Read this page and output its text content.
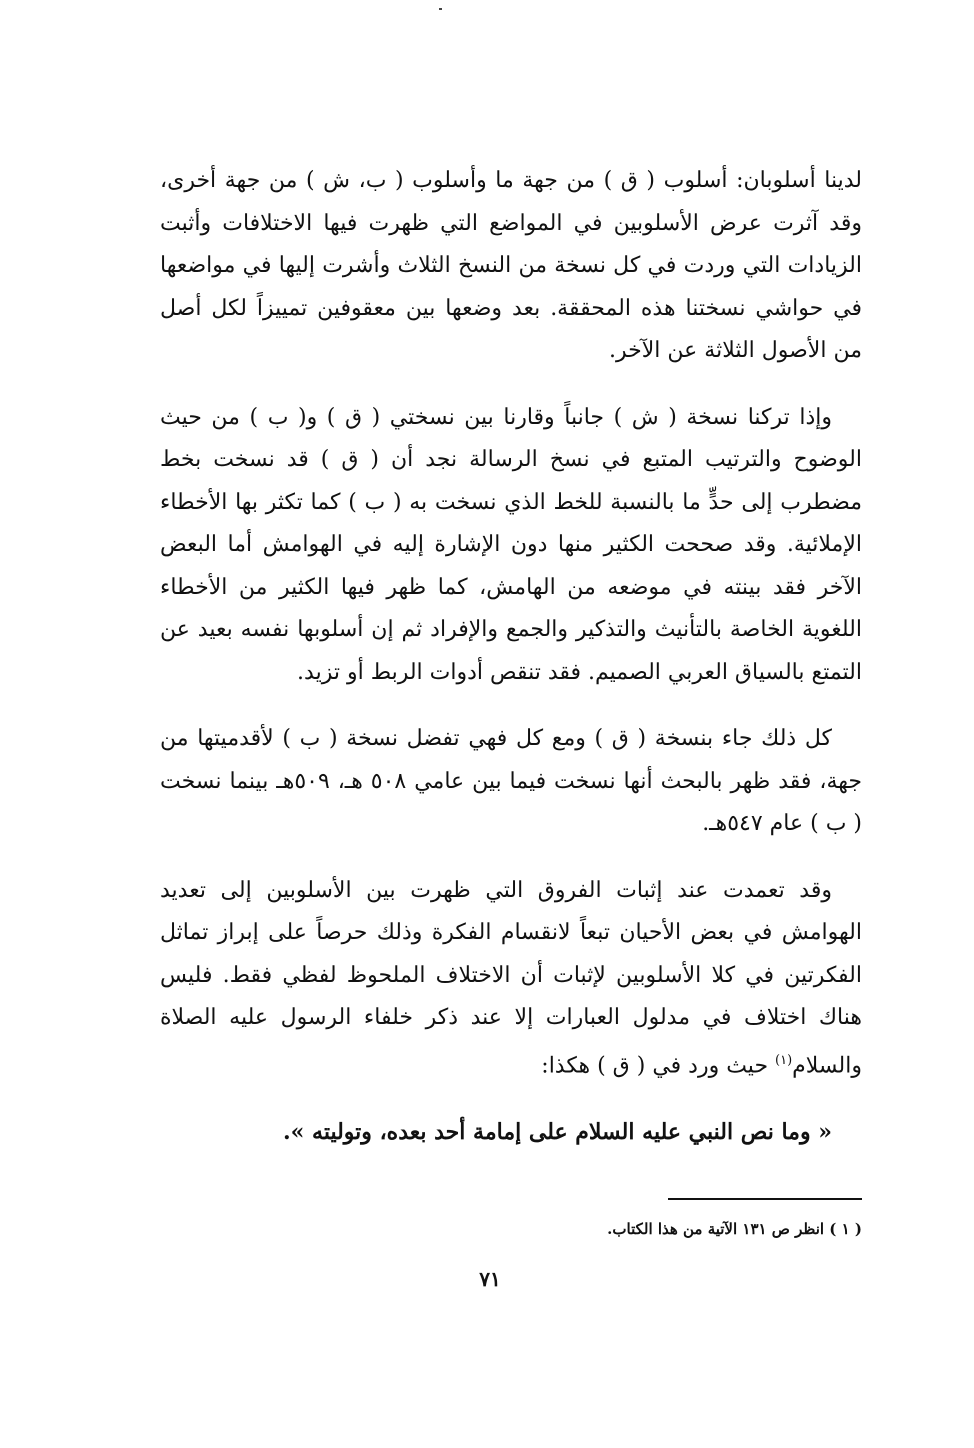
لدينا أسلوبان: أسلوب ( ق ) من جهة ما وأسلوب ( ب، ش ) من جهة أخرى، وقد آثرت عرض الأسلوبين في المواضع التي ظهرت فيها الاختلافات وأثبت الزيادات التي وردت في كل نسخة من النسخ الثلاث وأشرت إليها في مواضعها في حواشي نسختنا هذه المحققة. بعد وضعها بين معقوفين تمييزاً لكل أصل من الأصول الثلاثة عن الآخر.

وإذا تركنا نسخة ( ش ) جانباً وقارنا بين نسختي ( ق ) و( ب ) من حيث الوضوح والترتيب المتبع في نسخ الرسالة نجد أن ( ق ) قد نسخت بخط مضطرب إلى حدٍّ ما بالنسبة للخط الذي نسخت به ( ب ) كما تكثر بها الأخطاء الإملائية. وقد صححت الكثير منها دون الإشارة إليه في الهوامش أما البعض الآخر فقد بينته في موضعه من الهامش، كما ظهر فيها الكثير من الأخطاء اللغوية الخاصة بالتأنيث والتذكير والجمع والإفراد ثم إن أسلوبها نفسه بعيد عن التمتع بالسياق العربي الصميم. فقد تنقص أدوات الربط أو تزيد.

كل ذلك جاء بنسخة ( ق ) ومع كل فهي تفضل نسخة ( ب ) لأقدميتها من جهة، فقد ظهر بالبحث أنها نسخت فيما بين عامي ٥٠٨ هـ، ٥٠٩هـ بينما نسخت ( ب ) عام ٥٤٧هـ.

وقد تعمدت عند إثبات الفروق التي ظهرت بين الأسلوبين إلى تعديد الهوامش في بعض الأحيان تبعاً لانقسام الفكرة وذلك حرصاً على إبراز تماثل الفكرتين في كلا الأسلوبين لإثبات أن الاختلاف الملحوظ لفظي فقط. فليس هناك اختلاف في مدلول العبارات إلا عند ذكر خلفاء الرسول عليه الصلاة والسلام$^{(١)}$ حيث ورد في ( ق ) هكذا:

« وما نص النبي عليه السلام على إمامة أحد بعده، وتوليته ».

( ١ ) انظر ص ١٣١ الآتية من هذا الكتاب.
٧١
